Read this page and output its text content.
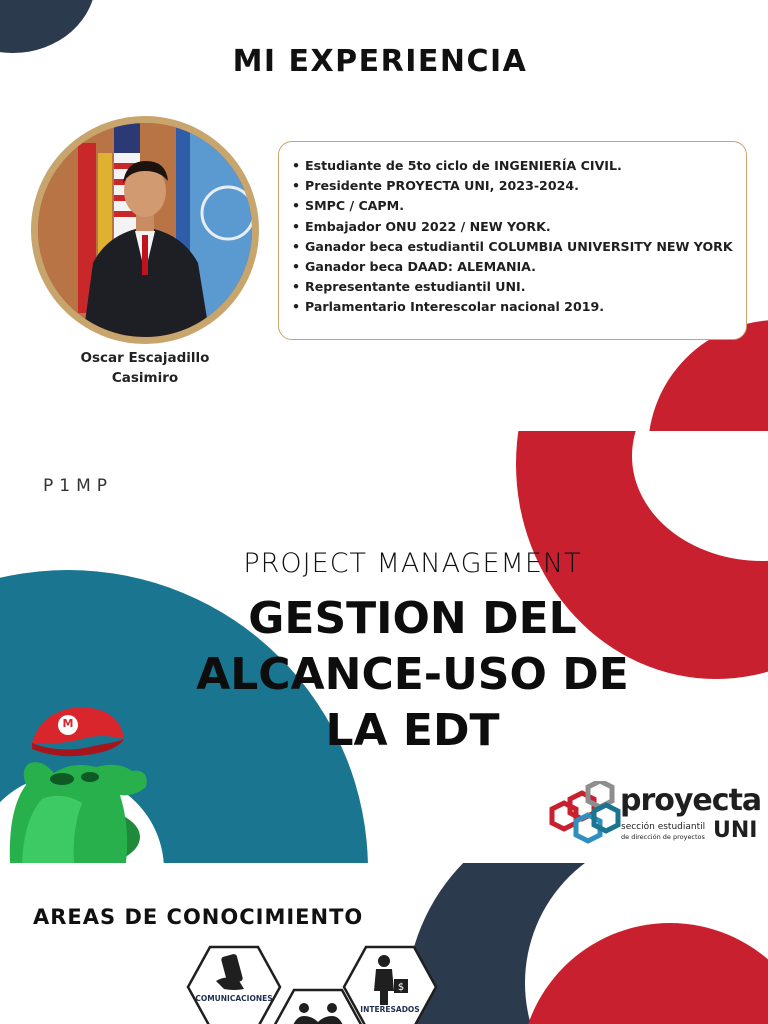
MI EXPERIENCIA
Oscar Escajadillo
Casimiro
• Estudiante de 5to ciclo de INGENIERÍA CIVIL.
• Presidente PROYECTA UNI, 2023-2024.
• SMPC / CAPM.
• Embajador ONU 2022 / NEW YORK.
• Ganador beca estudiantil COLUMBIA UNIVERSITY NEW YORK
• Ganador beca DAAD: ALEMANIA.
• Representante estudiantil UNI.
• Parlamentario Interescolar nacional 2019.
P1MP
PROJECT MANAGEMENT
GESTION DEL
ALCANCE-USO DE
LA EDT
M
proyecta
sección estudiantil
de dirección de proyectos UNI
AREAS DE CONOCIMIENTO
COMUNICACIONES
$
INTERESADOS
